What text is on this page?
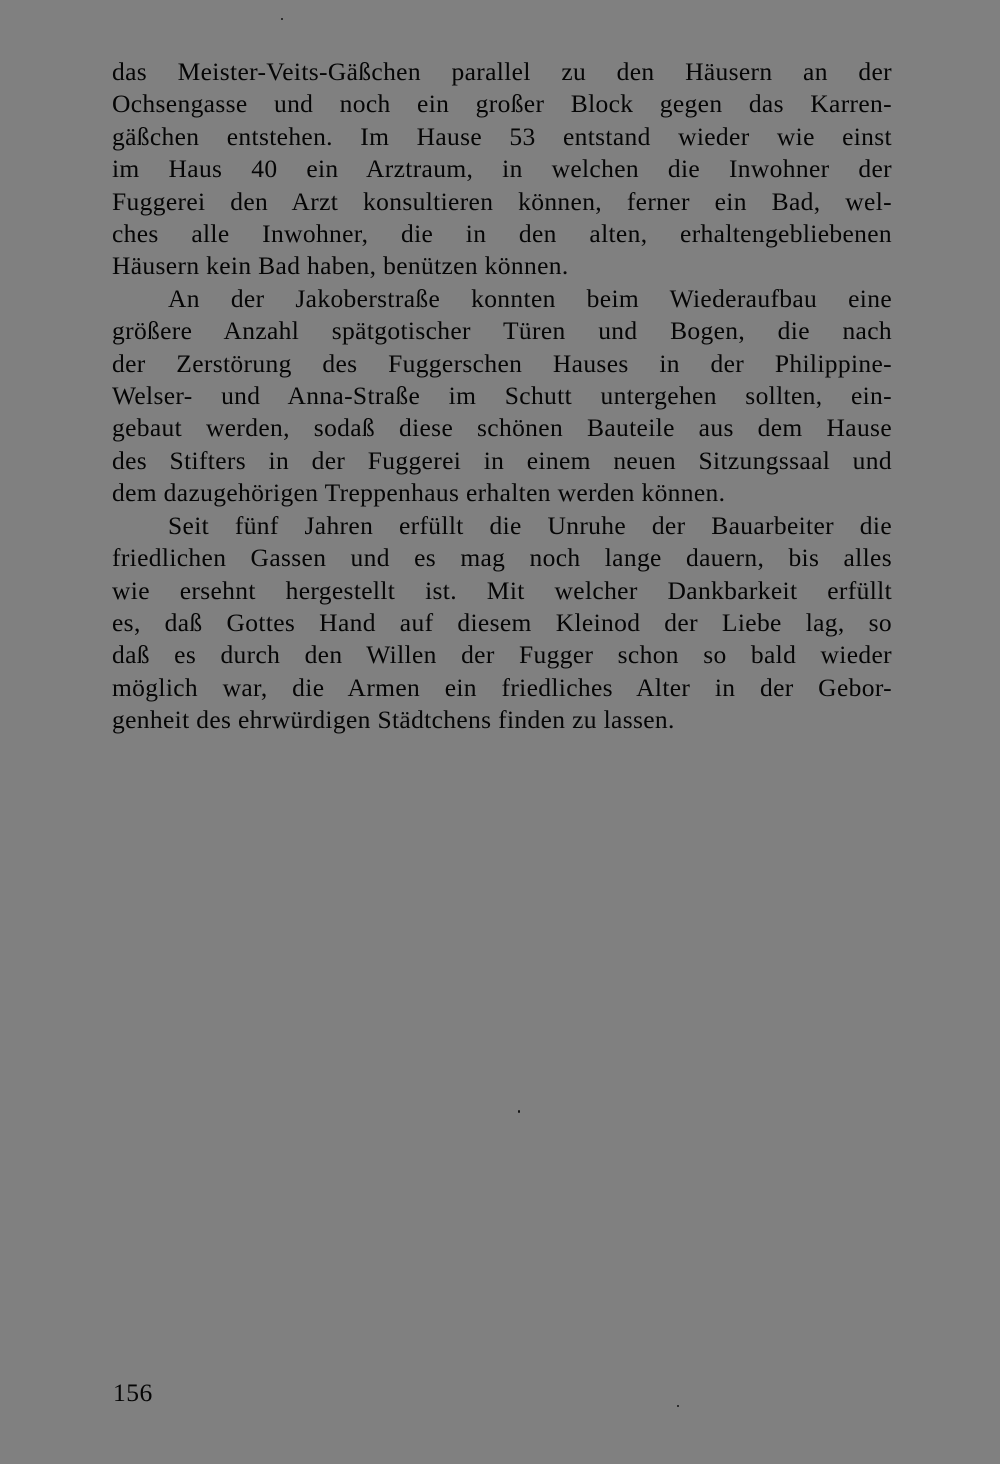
das Meister-Veits-Gäßchen parallel zu den Häusern an der
Ochsengasse und noch ein großer Block gegen das Karren-
gäßchen entstehen. Im Hause 53 entstand wieder wie einst
im Haus 40 ein Arztraum, in welchen die Inwohner der
Fuggerei den Arzt konsultieren können, ferner ein Bad, wel-
ches alle Inwohner, die in den alten, erhaltengebliebenen
Häusern kein Bad haben, benützen können.
An der Jakoberstraße konnten beim Wiederaufbau eine
größere Anzahl spätgotischer Türen und Bogen, die nach
der Zerstörung des Fuggerschen Hauses in der Philippine-
Welser- und Anna-Straße im Schutt untergehen sollten, ein-
gebaut werden, sodaß diese schönen Bauteile aus dem Hause
des Stifters in der Fuggerei in einem neuen Sitzungssaal und
dem dazugehörigen Treppenhaus erhalten werden können.
Seit fünf Jahren erfüllt die Unruhe der Bauarbeiter die
friedlichen Gassen und es mag noch lange dauern, bis alles
wie ersehnt hergestellt ist. Mit welcher Dankbarkeit erfüllt
es, daß Gottes Hand auf diesem Kleinod der Liebe lag, so
daß es durch den Willen der Fugger schon so bald wieder
möglich war, die Armen ein friedliches Alter in der Gebor-
genheit des ehrwürdigen Städtchens finden zu lassen.
156
